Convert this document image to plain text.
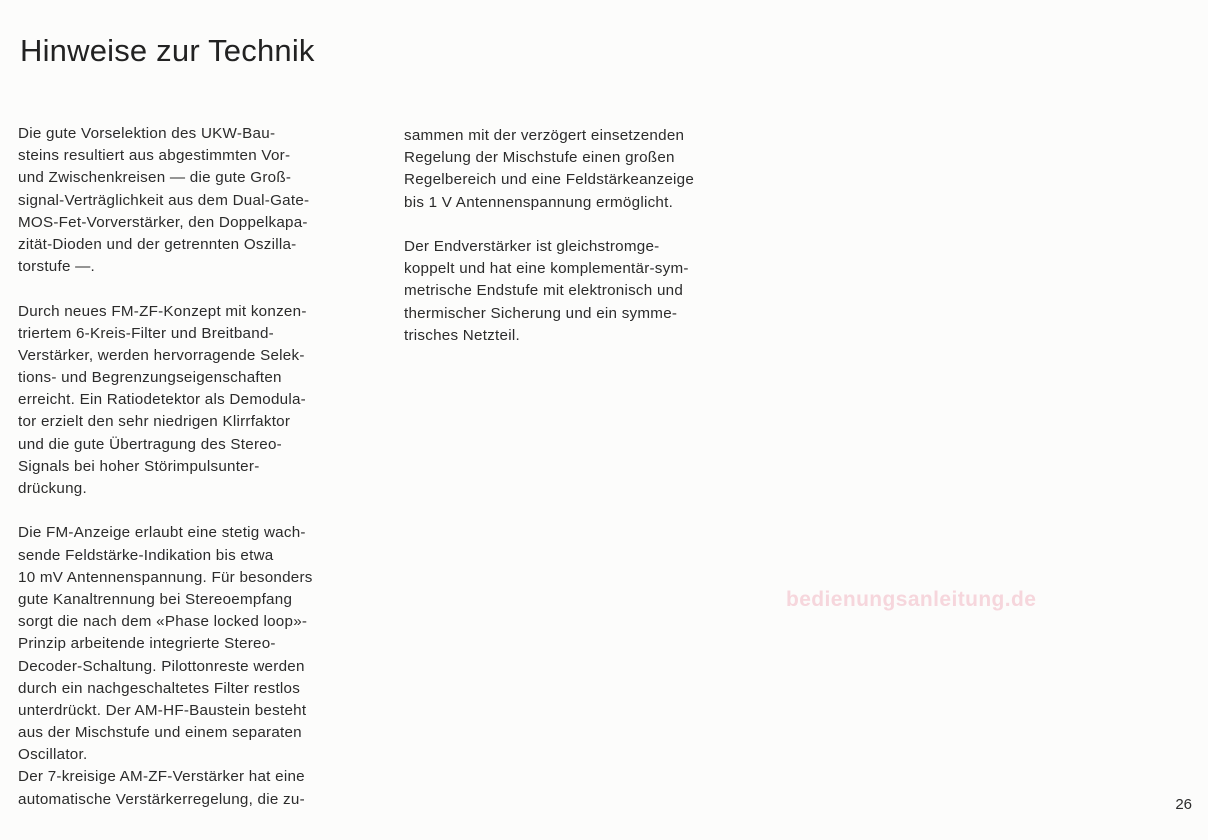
Hinweise zur Technik
Die gute Vorselektion des UKW-Bau-
steins resultiert aus abgestimmten Vor-
und Zwischenkreisen — die gute Groß-
signal-Verträglichkeit aus dem Dual-Gate-
MOS-Fet-Vorverstärker, den Doppelkapa-
zität-Dioden und der getrennten Oszilla-
torstufe —.
Durch neues FM-ZF-Konzept mit konzen-
triertem 6-Kreis-Filter und Breitband-
Verstärker, werden hervorragende Selek-
tions- und Begrenzungseigenschaften
erreicht. Ein Ratiodetektor als Demodula-
tor erzielt den sehr niedrigen Klirrfaktor
und die gute Übertragung des Stereo-
Signals bei hoher Störimpulsunter-
drückung.
Die FM-Anzeige erlaubt eine stetig wach-
sende Feldstärke-Indikation bis etwa
10 mV Antennenspannung. Für besonders
gute Kanaltrennung bei Stereoempfang
sorgt die nach dem «Phase locked loop»-
Prinzip arbeitende integrierte Stereo-
Decoder-Schaltung. Pilottonreste werden
durch ein nachgeschaltetes Filter restlos
unterdrückt. Der AM-HF-Baustein besteht
aus der Mischstufe und einem separaten
Oscillator.
Der 7-kreisige AM-ZF-Verstärker hat eine
automatische Verstärkerregelung, die zu-
sammen mit der verzögert einsetzenden
Regelung der Mischstufe einen großen
Regelbereich und eine Feldstärkeanzeige
bis 1 V Antennenspannung ermöglicht.
Der Endverstärker ist gleichstromge-
koppelt und hat eine komplementär-sym-
metrische Endstufe mit elektronisch und
thermischer Sicherung und ein symme-
trisches Netzteil.
bedienungsanleitung.de
26
